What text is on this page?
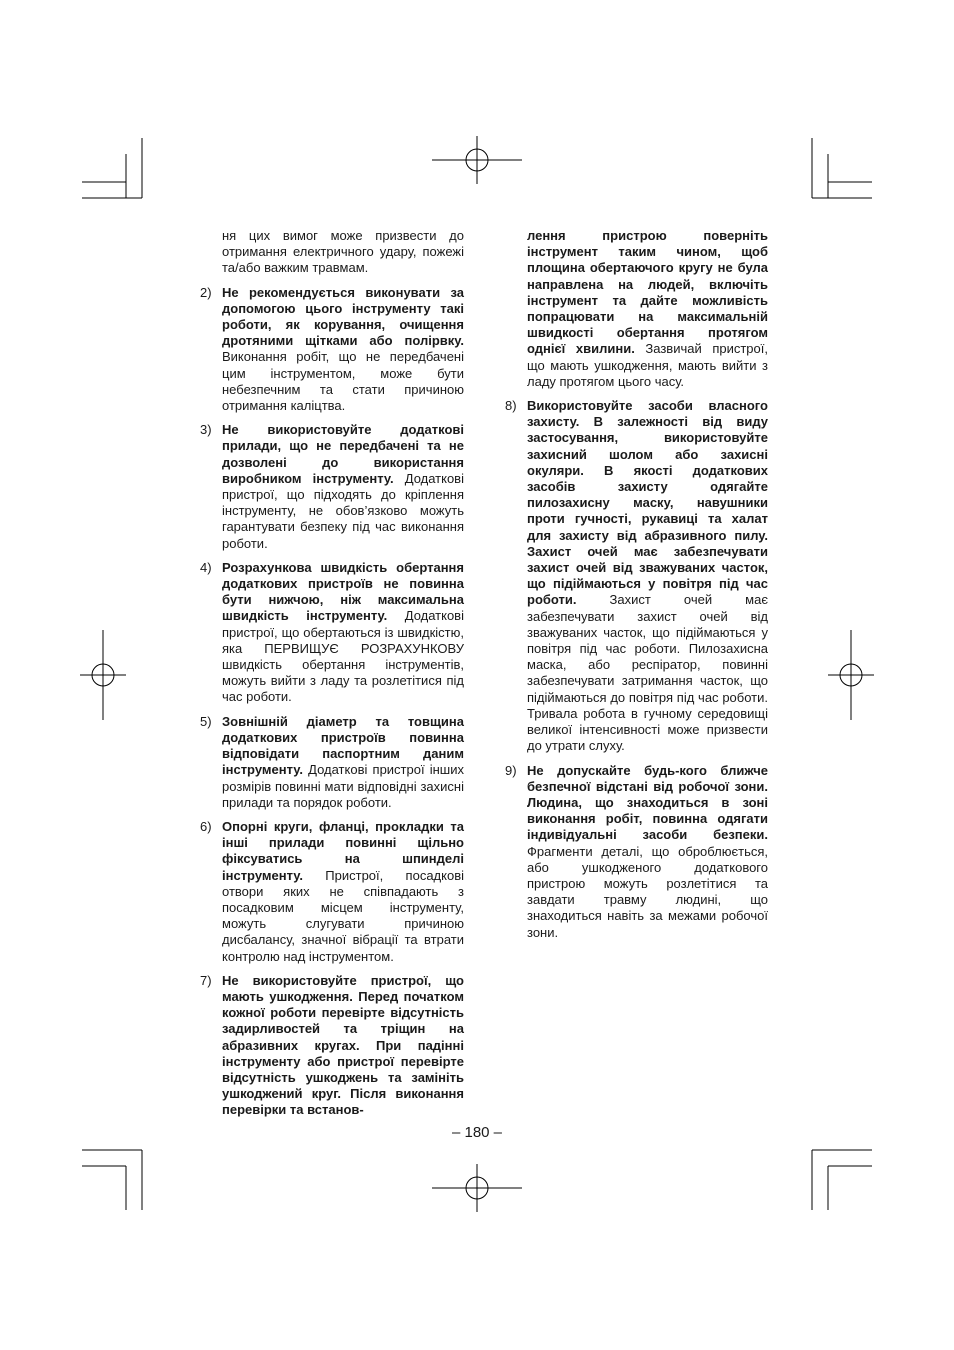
ня цих вимог може призвести до отримання електричного удару, пожежі та/або важким травмам.

2) Не рекомендується виконувати за допомогою цього інструменту такі роботи, як корування, очищення дротяними щітками або полірвку. Виконання робіт, що не передбачені цим інструментом, може бути небезпечним та стати причиною отримання каліцтва.
3) Не використовуйте додаткові прилади, що не передбачені та не дозволені до використання виробником інструменту. Додаткові пристрої, що підходять до кріплення інструменту, не обов’язково можуть гарантувати безпеку під час виконання роботи.
4) Розрахункова швидкість обертання додаткових пристроїв не повинна бути нижчою, ніж максимальна швидкість інструменту. Додаткові пристрої, що обертаються із швидкістю, яка ПЕРВИЩУЄ РОЗРАХУНКОВУ швидкість обертання інструментів, можуть вийти з ладу та розлетітися під час роботи.
5) Зовнішній діаметр та товщина додаткових пристроїв повинна відповідати паспортним даним інструменту. Додаткові пристрої інших розмірів повинні мати відповідні захисні прилади та порядок роботи.
6) Опорні круги, фланці, прокладки та інші прилади повинні щільно фіксуватись на шпинделі інструменту. Пристрої, посадкові отвори яких не співпадають з посадковим місцем інструменту, можуть слугувати причиною дисбалансу, значної вібрації та втрати контролю над інструментом.
7) Не використовуйте пристрої, що мають ушкодження. Перед початком кожної роботи перевірте відсутність задирливостей та тріщин на абразивних кругах. При падінні інструменту або пристрої перевірте відсутність ушкоджень та замініть ушкоджений круг. Після виконання перевірки та встанов-

лення пристрою поверніть інструмент таким чином, щоб площина обертаючого кругу не була направлена на людей, включіть інструмент та дайте можливість попрацювати на максимальній швидкості обертання протягом однієї хвилини. Зазвичай пристрої, що мають ушкодження, мають вийти з ладу протягом цього часу.

8) Використовуйте засоби власного захисту. В залежності від виду застосування, використовуйте захисний шолом або захисні окуляри. В якості додаткових засобів захисту одягайте пилозахисну маску, навушники проти гучності, рукавиці та халат для захисту від абразивного пилу. Захист очей має забезпечувати захист очей від зважуваних часток, що підіймаються у повітря під час роботи. Захист очей має забезпечувати захист очей від зважуваних часток, що підіймаються у повітря під час роботи. Пилозахисна маска, або респіратор, повинні забезпечувати затримання часток, що підіймаються до повітря під час роботи. Тривала робота в гучному середовищі великої інтенсивності може призвести до утрати слуху.
9) Не допускайте будь-кого ближче безпечної відстані від робочої зони. Людина, що знаходиться в зоні виконання робіт, повинна одягати індивідуальні засоби безпеки. Фрагменти деталі, що оброблюється, або ушкодженого додаткового пристрою можуть розлетітися та завдати травму людині, що знаходиться навіть за межами робочої зони.
– 180 –
